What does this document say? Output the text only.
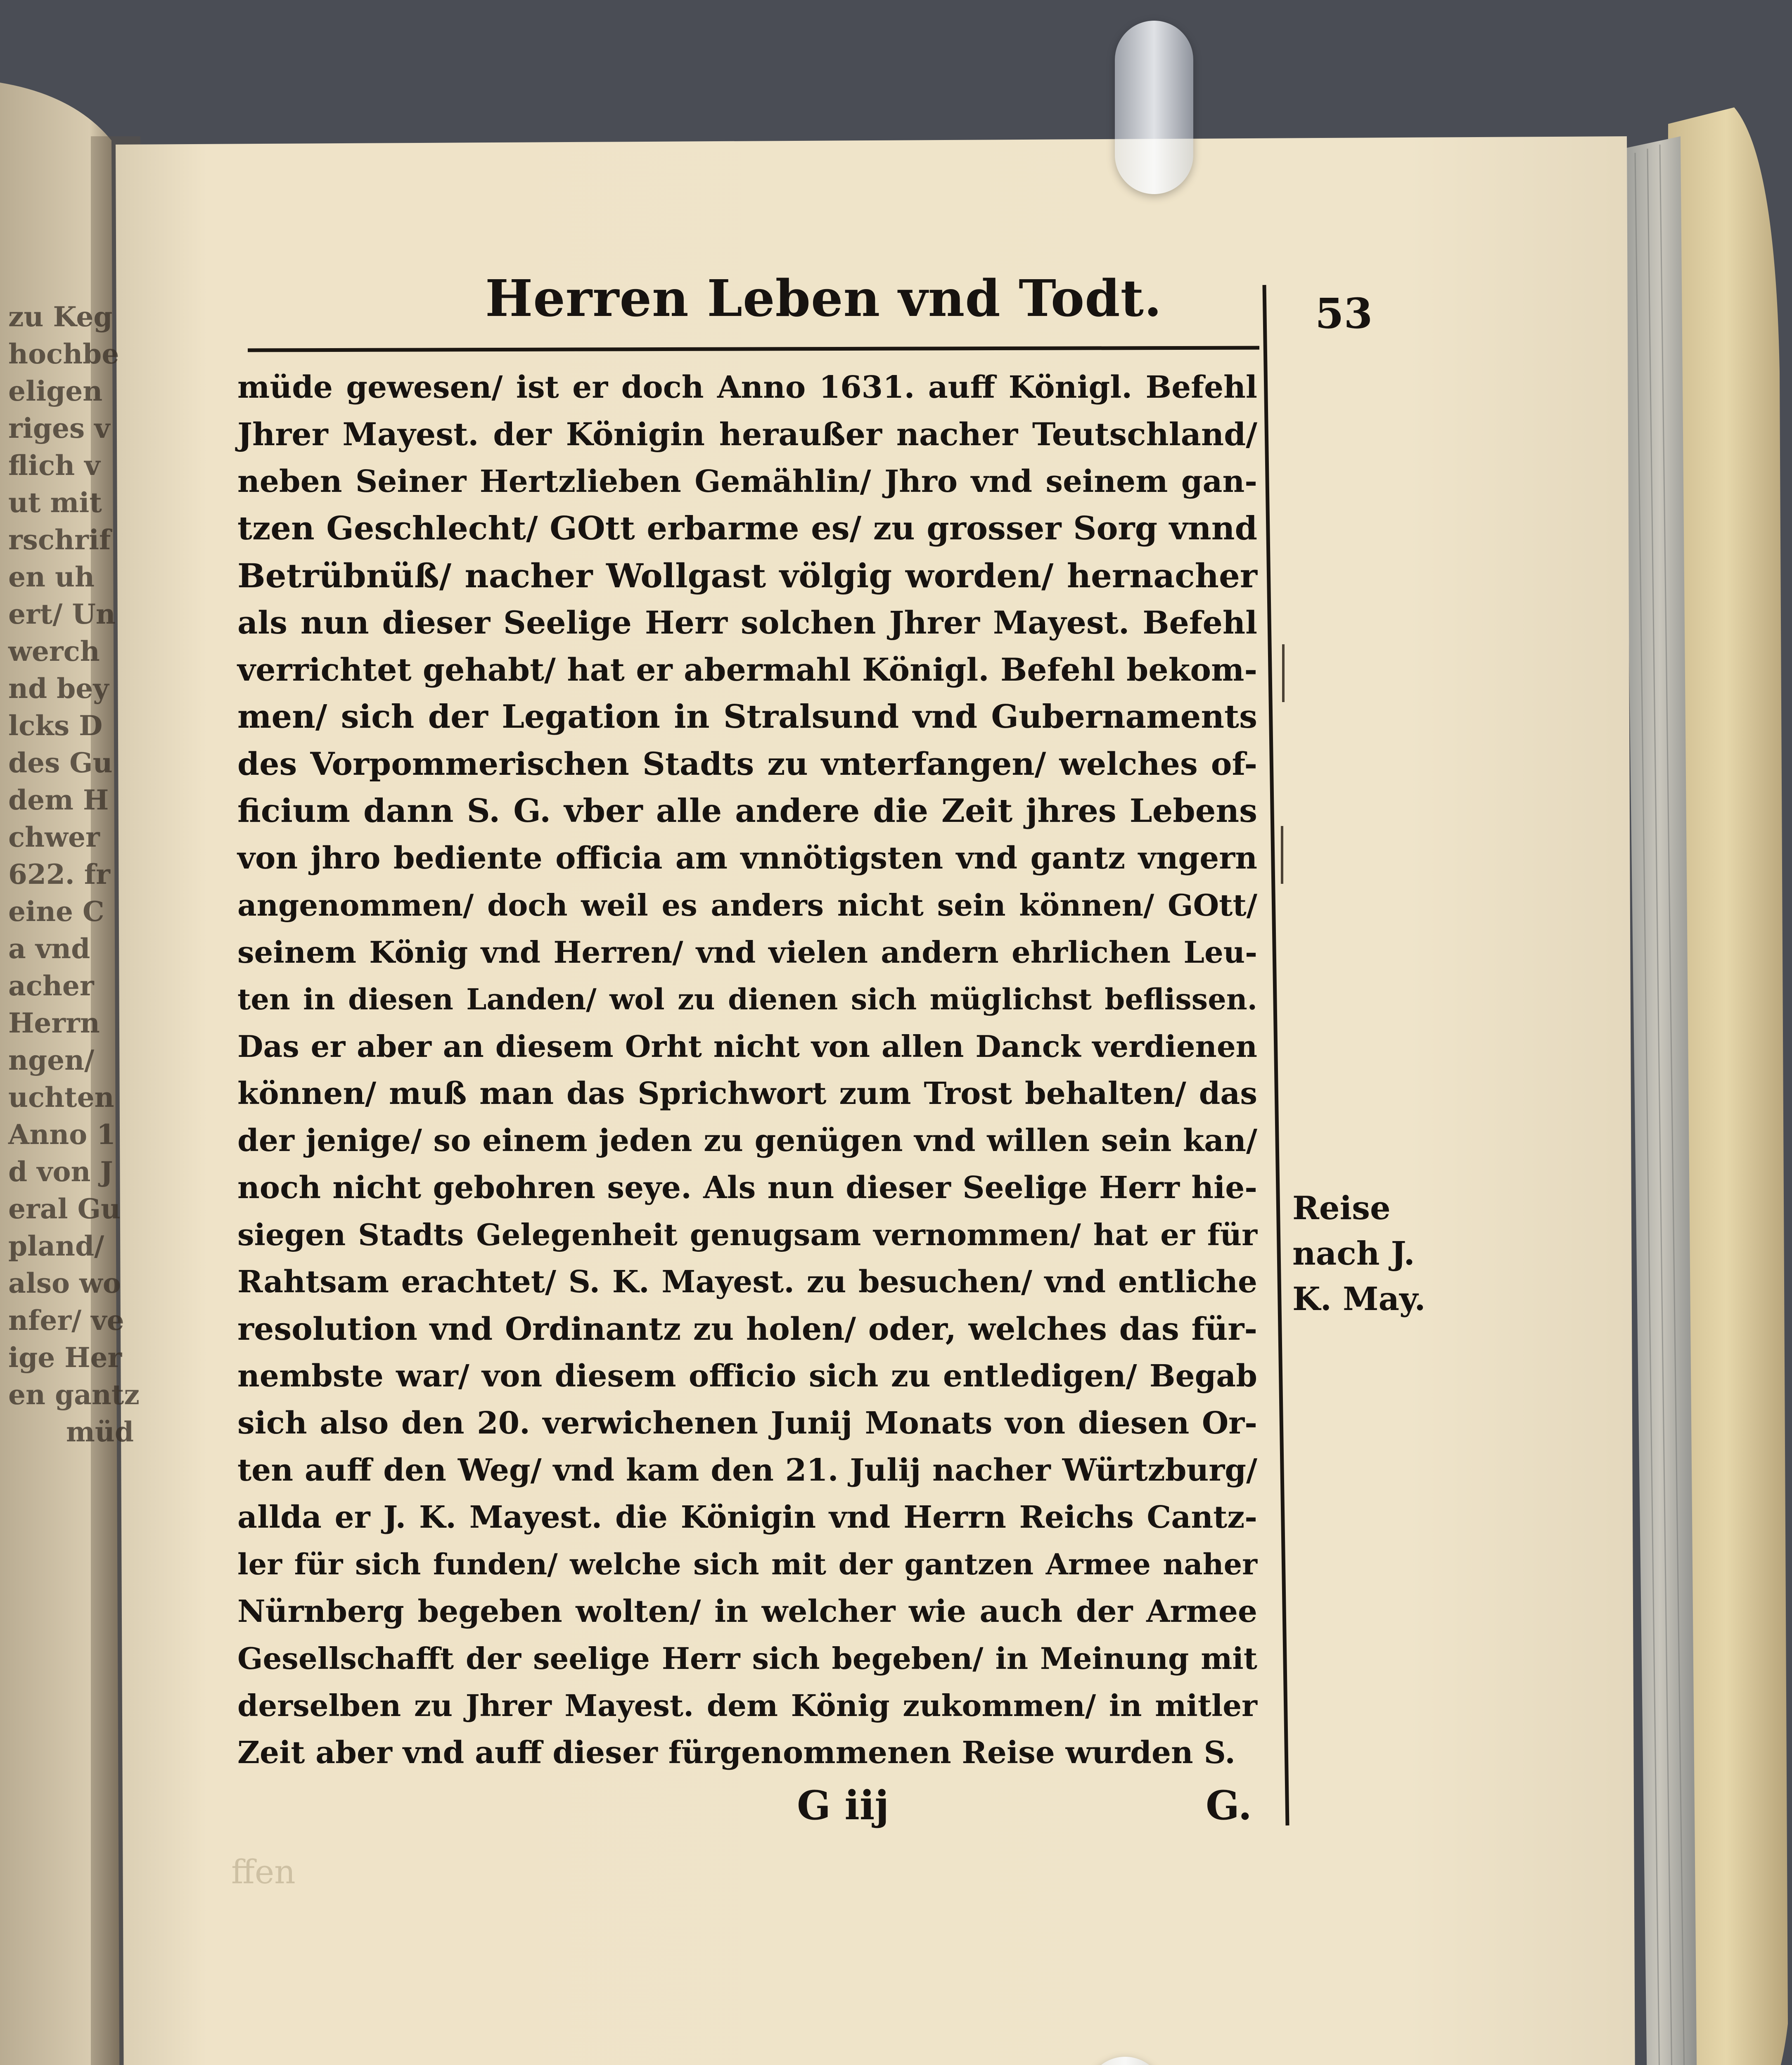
zu Keg
hochbe
eligen
riges v
flich v
ut mit
rschrif
en uh
ert/ Un
werch
nd bey
lcks D
des Gu
dem H
chwer
622. fr
eine C
a vnd
acher
Herrn
ngen/
uchten
Anno 1
d von J
eral Gu
pland/
also wo
nfer/ ve
ige Her
en gantz
müd
ffen
Herren Leben vnd Todt.	53
müde gewesen/ ist er doch Anno 1631. auff Königl. Befehl
Jhrer Mayest. der Königin heraußer nacher Teutschland/
neben Seiner Hertzlieben Gemählin/ Jhro vnd seinem gan-
tzen Geschlecht/ GOtt erbarme es/ zu grosser Sorg vnnd
Betrübnüß/ nacher Wollgast völgig worden/ hernacher
als nun dieser Seelige Herr solchen Jhrer Mayest. Befehl
verrichtet gehabt/ hat er abermahl Königl. Befehl bekom-
men/ sich der Legation in Stralsund vnd Gubernaments
des Vorpommerischen Stadts zu vnterfangen/ welches of-
ficium dann S. G. vber alle andere die Zeit jhres Lebens
von jhro bediente officia am vnnötigsten vnd gantz vngern
angenommen/ doch weil es anders nicht sein können/ GOtt/
seinem König vnd Herren/ vnd vielen andern ehrlichen Leu-
ten in diesen Landen/ wol zu dienen sich müglichst beflissen.
Das er aber an diesem Orht nicht von allen Danck verdienen
können/ muß man das Sprichwort zum Trost behalten/ das
der jenige/ so einem jeden zu genügen vnd willen sein kan/
noch nicht gebohren seye. Als nun dieser Seelige Herr hie-
siegen Stadts Gelegenheit genugsam vernommen/ hat er für
Rahtsam erachtet/ S. K. Mayest. zu besuchen/ vnd entliche
resolution vnd Ordinantz zu holen/ oder, welches das für-
nembste war/ von diesem officio sich zu entledigen/ Begab
sich also den 20. verwichenen Junij Monats von diesen Or-
ten auff den Weg/ vnd kam den 21. Julij nacher Würtzburg/
allda er J. K. Mayest. die Königin vnd Herrn Reichs Cantz-
ler für sich funden/ welche sich mit der gantzen Armee naher
Nürnberg begeben wolten/ in welcher wie auch der Armee
Gesellschafft der seelige Herr sich begeben/ in Meinung mit
derselben zu Jhrer Mayest. dem König zukommen/ in mitler
Zeit aber vnd auff dieser fürgenommenen Reise wurden S.
G iij	G.
Reise
nach J.
K. May.
